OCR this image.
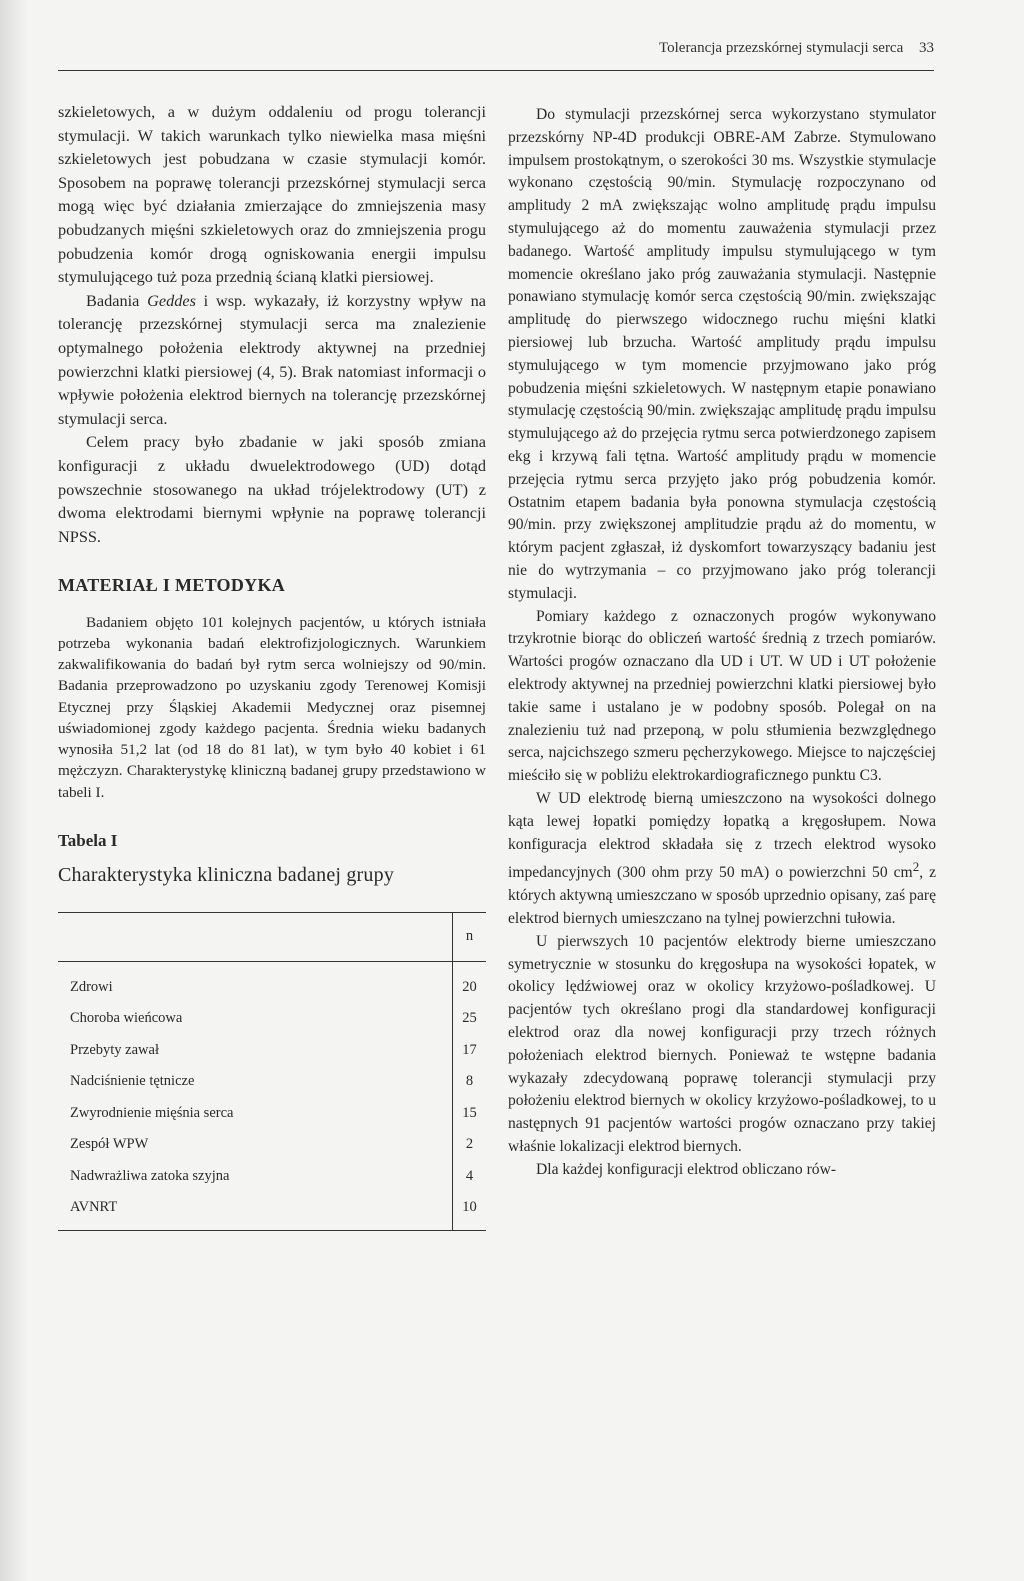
Tolerancja przezskórnej stymulacji serca 33

szkieletowych, a w dużym oddaleniu od progu tolerancji stymulacji. W takich warunkach tylko niewielka masa mięśni szkieletowych jest pobudzana w czasie stymulacji komór. Sposobem na poprawę tolerancji przezskórnej stymulacji serca mogą więc być działania zmierzające do zmniejszenia masy pobudzanych mięśni szkieletowych oraz do zmniejszenia progu pobudzenia komór drogą ogniskowania energii impulsu stymulującego tuż poza przednią ścianą klatki piersiowej.

Badania Geddes i wsp. wykazały, iż korzystny wpływ na tolerancję przezskórnej stymulacji serca ma znalezienie optymalnego położenia elektrody aktywnej na przedniej powierzchni klatki piersiowej (4, 5). Brak natomiast informacji o wpływie położenia elektrod biernych na tolerancję przezskórnej stymulacji serca.

Celem pracy było zbadanie w jaki sposób zmiana konfiguracji z układu dwuelektrodowego (UD) dotąd powszechnie stosowanego na układ trójelektrodowy (UT) z dwoma elektrodami biernymi wpłynie na poprawę tolerancji NPSS.

MATERIAŁ I METODYKA

Badaniem objęto 101 kolejnych pacjentów, u których istniała potrzeba wykonania badań elektrofizjologicznych. Warunkiem zakwalifikowania do badań był rytm serca wolniejszy od 90/min. Badania przeprowadzono po uzyskaniu zgody Terenowej Komisji Etycznej przy Śląskiej Akademii Medycznej oraz pisemnej uświadomionej zgody każdego pacjenta. Średnia wieku badanych wynosiła 51,2 lat (od 18 do 81 lat), w tym było 40 kobiet i 61 mężczyzn. Charakterystykę kliniczną badanej grupy przedstawiono w tabeli I.

Tabela I
Charakterystyka kliniczna badanej grupy
	n
Zdrowi	20
Choroba wieńcowa	25
Przebyty zawał	17
Nadciśnienie tętnicze	8
Zwyrodnienie mięśnia serca	15
Zespół WPW	2
Nadwrażliwa zatoka szyjna	4
AVNRT	10

Do stymulacji przezskórnej serca wykorzystano stymulator przezskórny NP-4D produkcji OBRE-AM Zabrze. Stymulowano impulsem prostokątnym, o szerokości 30 ms. Wszystkie stymulacje wykonano częstością 90/min. Stymulację rozpoczynano od amplitudy 2 mA zwiększając wolno amplitudę prądu impulsu stymulującego aż do momentu zauważenia stymulacji przez badanego. Wartość amplitudy impulsu stymulującego w tym momencie określano jako próg zauważania stymulacji. Następnie ponawiano stymulację komór serca częstością 90/min. zwiększając amplitudę do pierwszego widocznego ruchu mięśni klatki piersiowej lub brzucha. Wartość amplitudy prądu impulsu stymulującego w tym momencie przyjmowano jako próg pobudzenia mięśni szkieletowych. W następnym etapie ponawiano stymulację częstością 90/min. zwiększając amplitudę prądu impulsu stymulującego aż do przejęcia rytmu serca potwierdzonego zapisem ekg i krzywą fali tętna. Wartość amplitudy prądu w momencie przejęcia rytmu serca przyjęto jako próg pobudzenia komór. Ostatnim etapem badania była ponowna stymulacja częstością 90/min. przy zwiększonej amplitudzie prądu aż do momentu, w którym pacjent zgłaszał, iż dyskomfort towarzyszący badaniu jest nie do wytrzymania – co przyjmowano jako próg tolerancji stymulacji.

Pomiary każdego z oznaczonych progów wykonywano trzykrotnie biorąc do obliczeń wartość średnią z trzech pomiarów. Wartości progów oznaczano dla UD i UT. W UD i UT położenie elektrody aktywnej na przedniej powierzchni klatki piersiowej było takie same i ustalano je w podobny sposób. Polegał on na znalezieniu tuż nad przeponą, w polu stłumienia bezwzględnego serca, najcichszego szmeru pęcherzykowego. Miejsce to najczęściej mieściło się w pobliżu elektrokardiograficznego punktu C3.

W UD elektrodę bierną umieszczono na wysokości dolnego kąta lewej łopatki pomiędzy łopatką a kręgosłupem. Nowa konfiguracja elektrod składała się z trzech elektrod wysoko impedancyjnych (300 ohm przy 50 mA) o powierzchni 50 $cm^2$, z których aktywną umieszczano w sposób uprzednio opisany, zaś parę elektrod biernych umieszczano na tylnej powierzchni tułowia.

U pierwszych 10 pacjentów elektrody bierne umieszczano symetrycznie w stosunku do kręgosłupa na wysokości łopatek, w okolicy lędźwiowej oraz w okolicy krzyżowo-pośladkowej. U pacjentów tych określano progi dla standardowej konfiguracji elektrod oraz dla nowej konfiguracji przy trzech różnych położeniach elektrod biernych. Ponieważ te wstępne badania wykazały zdecydowaną poprawę tolerancji stymulacji przy położeniu elektrod biernych w okolicy krzyżowo-pośladkowej, to u następnych 91 pacjentów wartości progów oznaczano przy takiej właśnie lokalizacji elektrod biernych.

Dla każdej konfiguracji elektrod obliczano rów-
